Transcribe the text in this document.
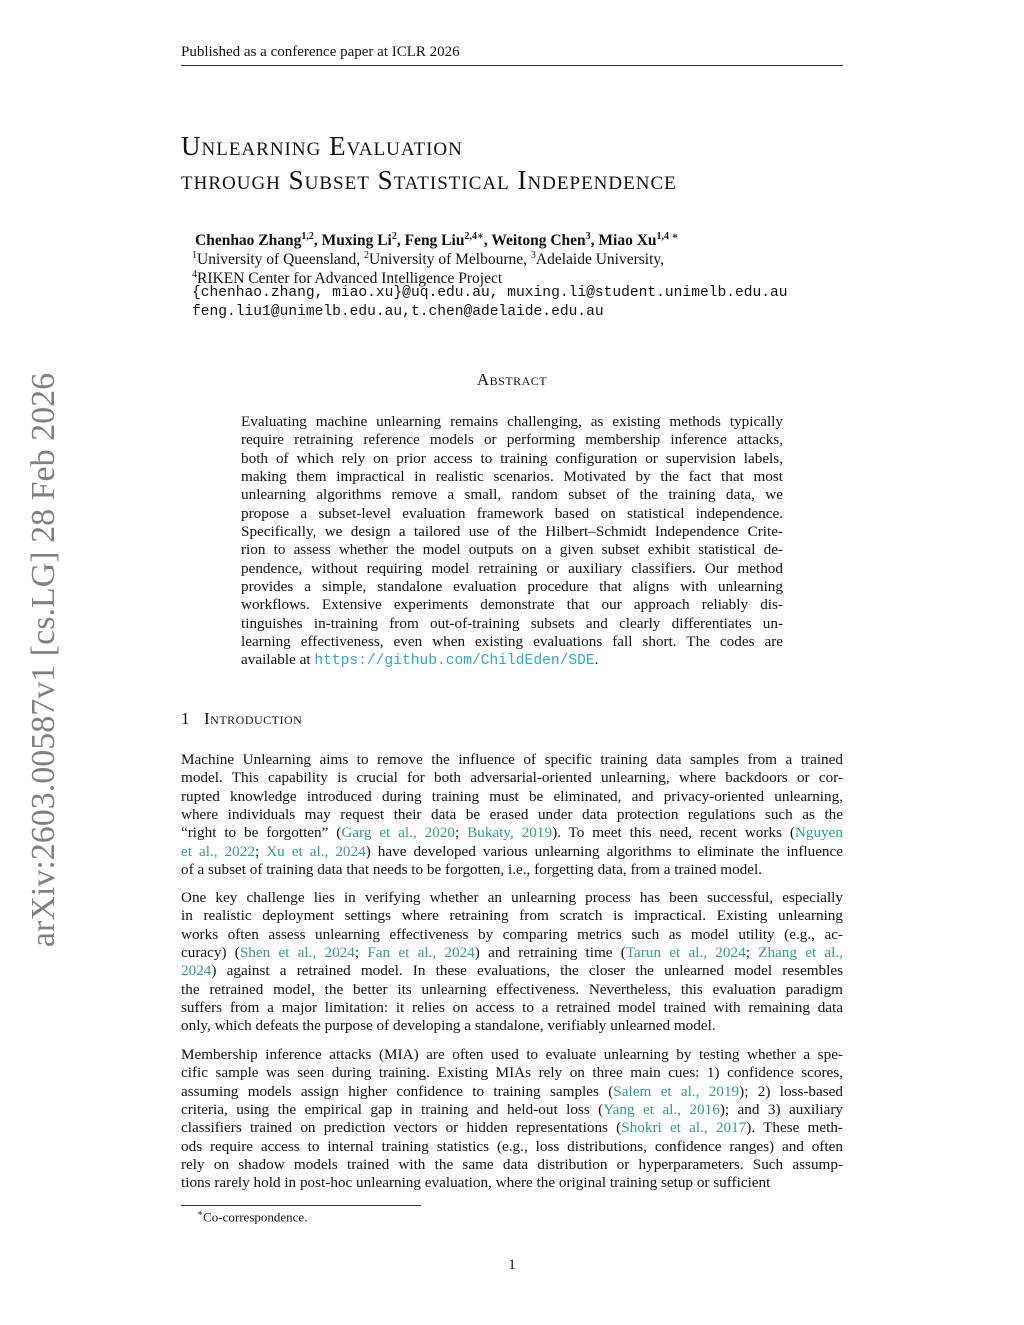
Published as a conference paper at ICLR 2026
arXiv:2603.00587v1 [cs.LG] 28 Feb 2026
Unlearning Evaluation
through Subset Statistical Independence
Chenhao Zhang$^{1,2}$, Muxing Li$^2$, Feng Liu$^{2,4∗}$, Weitong Chen$^3$, Miao $Xu^{1,4 ∗}$
$^1$University of Queensland, $^2$University of Melbourne, $^3$Adelaide University,
$^4$RIKEN Center for Advanced Intelligence Project
{chenhao.zhang, miao.xu}@uq.edu.au, muxing.li@student.unimelb.edu.au
feng.liu1@unimelb.edu.au,t.chen@adelaide.edu.au
Abstract
Evaluating machine unlearning remains challenging, as existing methods typically
require retraining reference models or performing membership inference attacks,
both of which rely on prior access to training configuration or supervision labels,
making them impractical in realistic scenarios. Motivated by the fact that most
unlearning algorithms remove a small, random subset of the training data, we
propose a subset-level evaluation framework based on statistical independence.
Specifically, we design a tailored use of the Hilbert–Schmidt Independence Crite-
rion to assess whether the model outputs on a given subset exhibit statistical de-
pendence, without requiring model retraining or auxiliary classifiers. Our method
provides a simple, standalone evaluation procedure that aligns with unlearning
workflows. Extensive experiments demonstrate that our approach reliably dis-
tinguishes in-training from out-of-training subsets and clearly differentiates un-
learning effectiveness, even when existing evaluations fall short. The codes are
available at https://github.com/ChildEden/SDE.
1 Introduction
Machine Unlearning aims to remove the influence of specific training data samples from a trained
model. This capability is crucial for both adversarial-oriented unlearning, where backdoors or cor-
rupted knowledge introduced during training must be eliminated, and privacy-oriented unlearning,
where individuals may request their data be erased under data protection regulations such as the
“right to be forgotten” (Garg et al., 2020; Bukaty, 2019). To meet this need, recent works (Nguyen
et al., 2022; Xu et al., 2024) have developed various unlearning algorithms to eliminate the influence
of a subset of training data that needs to be forgotten, i.e., forgetting data, from a trained model.
One key challenge lies in verifying whether an unlearning process has been successful, especially
in realistic deployment settings where retraining from scratch is impractical. Existing unlearning
works often assess unlearning effectiveness by comparing metrics such as model utility (e.g., ac-
curacy) (Shen et al., 2024; Fan et al., 2024) and retraining time (Tarun et al., 2024; Zhang et al.,
2024) against a retrained model. In these evaluations, the closer the unlearned model resembles
the retrained model, the better its unlearning effectiveness. Nevertheless, this evaluation paradigm
suffers from a major limitation: it relies on access to a retrained model trained with remaining data
only, which defeats the purpose of developing a standalone, verifiably unlearned model.
Membership inference attacks (MIA) are often used to evaluate unlearning by testing whether a spe-
cific sample was seen during training. Existing MIAs rely on three main cues: 1) confidence scores,
assuming models assign higher confidence to training samples (Salem et al., 2019); 2) loss-based
criteria, using the empirical gap in training and held-out loss (Yang et al., 2016); and 3) auxiliary
classifiers trained on prediction vectors or hidden representations (Shokri et al., 2017). These meth-
ods require access to internal training statistics (e.g., loss distributions, confidence ranges) and often
rely on shadow models trained with the same data distribution or hyperparameters. Such assump-
tions rarely hold in post-hoc unlearning evaluation, where the original training setup or sufficient
∗Co-correspondence.
1
